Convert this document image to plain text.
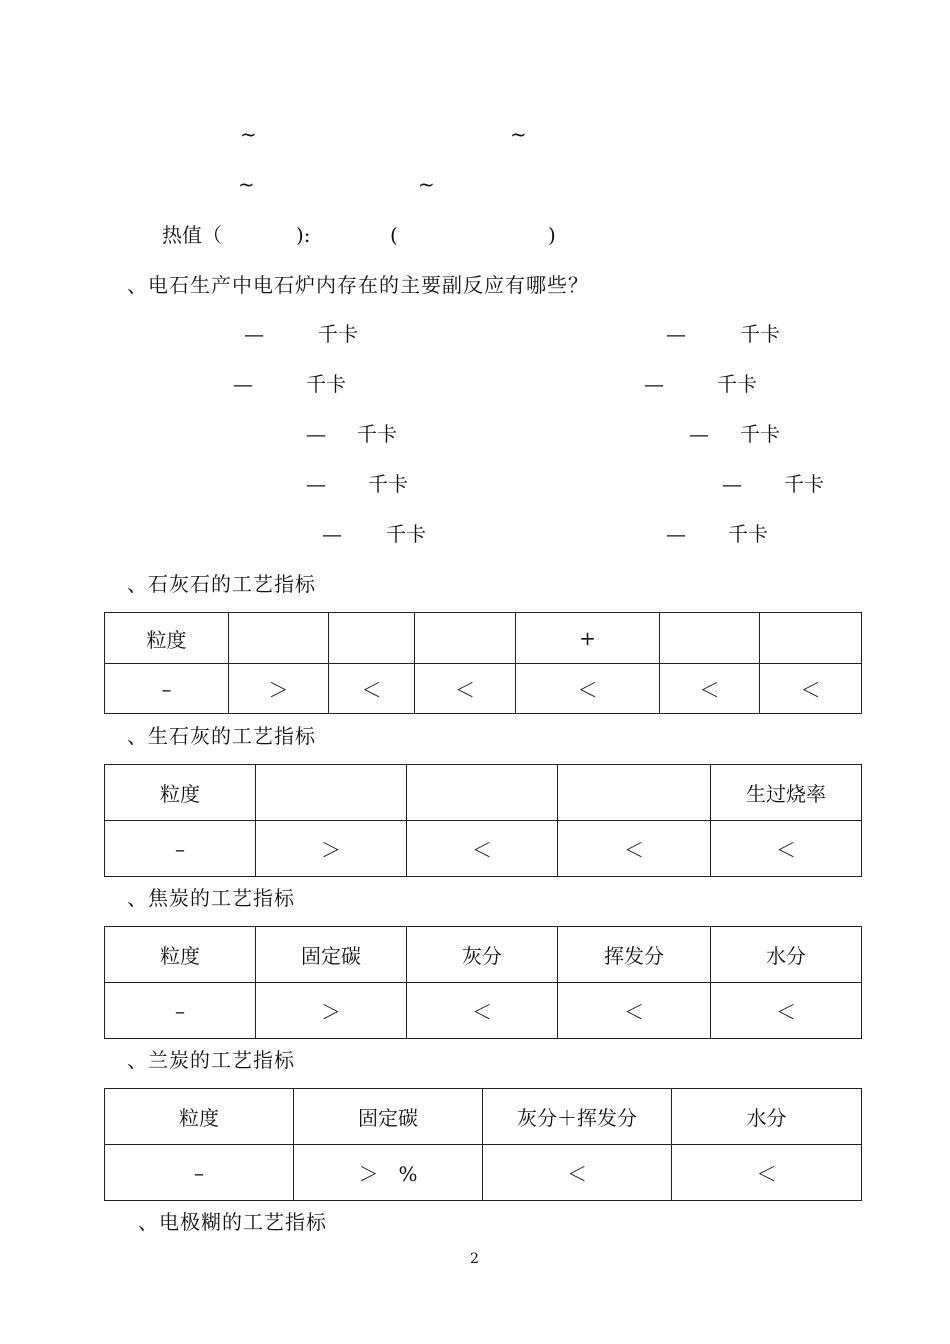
~	~
~	~
热值（	):	(	)
、电石生产中电石炉内存在的主要副反应有哪些？
—	千卡	—	千卡
—	千卡	—	千卡
— 千卡	— 千卡
— 千卡	— 千卡
— 千卡	— 千卡
、石灰石的工艺指标
粒度				+		
–	＞	＜	＜	＜	＜	＜
、生石灰的工艺指标
粒度				生过烧率
–	＞	＜	＜	＜
、焦炭的工艺指标
粒度	固定碳	灰分	挥发分	水分
–	＞	＜	＜	＜
、兰炭的工艺指标
粒度	固定碳	灰分＋挥发分	水分
–	＞　%	＜	＜
、电极糊的工艺指标
2
